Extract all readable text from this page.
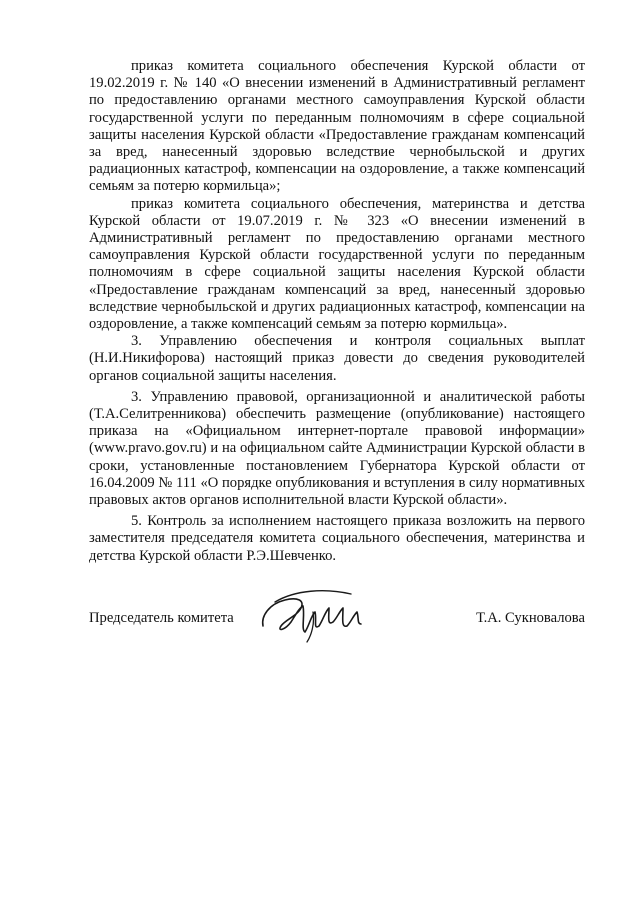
приказ комитета социального обеспечения Курской области от 19.02.2019 г. № 140 «О внесении изменений в Административный регламент по предоставлению органами местного самоуправления Курской области государственной услуги по переданным полномочиям в сфере социальной защиты населения Курской области «Предоставление гражданам компенсаций за вред, нанесенный здоровью вследствие чернобыльской и других радиационных катастроф, компенсации на оздоровление, а также компенсаций семьям за потерю кормильца»;

приказ комитета социального обеспечения, материнства и детства Курской области от 19.07.2019 г. № 323 «О внесении изменений в Административный регламент по предоставлению органами местного самоуправления Курской области государственной услуги по переданным полномочиям в сфере социальной защиты населения Курской области «Предоставление гражданам компенсаций за вред, нанесенный здоровью вследствие чернобыльской и других радиационных катастроф, компенсации на оздоровление, а также компенсаций семьям за потерю кормильца».

3. Управлению обеспечения и контроля социальных выплат (Н.И.Никифорова) настоящий приказ довести до сведения руководителей органов социальной защиты населения.

3. Управлению правовой, организационной и аналитической работы (Т.А.Селитренникова) обеспечить размещение (опубликование) настоящего приказа на «Официальном интернет-портале правовой информации» (www.pravo.gov.ru) и на официальном сайте Администрации Курской области в сроки, установленные постановлением Губернатора Курской области от 16.04.2009 № 111 «О порядке опубликования и вступления в силу нормативных правовых актов органов исполнительной власти Курской области».

5. Контроль за исполнением настоящего приказа возложить на первого заместителя председателя комитета социального обеспечения, материнства и детства Курской области Р.Э.Шевченко.

Председатель комитета	Т.А. Сукновалова
